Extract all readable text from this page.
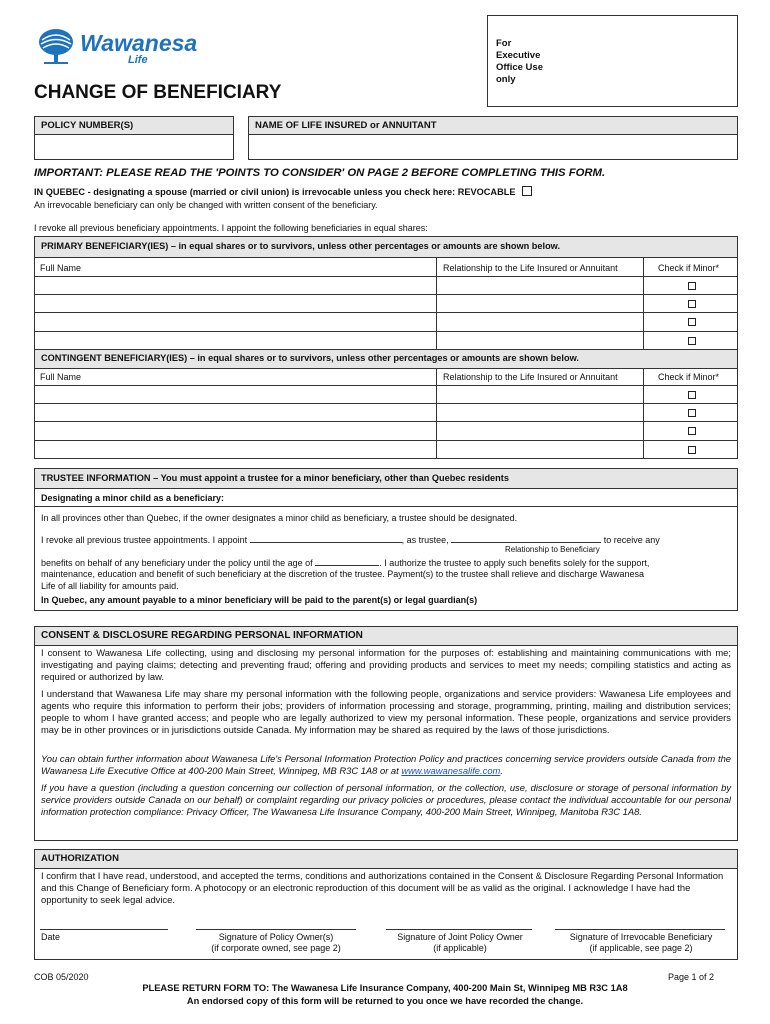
Wawanesa
Life
For
Executive
Office Use
only
CHANGE OF BENEFICIARY
POLICY NUMBER(S)	NAME OF LIFE INSURED or ANNUITANT
IMPORTANT: PLEASE READ THE 'POINTS TO CONSIDER' ON PAGE 2 BEFORE COMPLETING THIS FORM.
IN QUEBEC - designating a spouse (married or civil union) is irrevocable unless you check here: REVOCABLE
An irrevocable beneficiary can only be changed with written consent of the beneficiary.
I revoke all previous beneficiary appointments. I appoint the following beneficiaries in equal shares:
PRIMARY BENEFICIARY(IES) – in equal shares or to survivors, unless other percentages or amounts are shown below.
Full Name	Relationship to the Life Insured or Annuitant	Check if Minor*
CONTINGENT BENEFICIARY(IES) – in equal shares or to survivors, unless other percentages or amounts are shown below.
Full Name	Relationship to the Life Insured or Annuitant	Check if Minor*
TRUSTEE INFORMATION – You must appoint a trustee for a minor beneficiary, other than Quebec residents
Designating a minor child as a beneficiary:
In all provinces other than Quebec, if the owner designates a minor child as beneficiary, a trustee should be designated.
I revoke all previous trustee appointments. I appoint	, as trustee,	to receive any
Relationship to Beneficiary
benefits on behalf of any beneficiary under the policy until the age of	. I authorize the trustee to apply such benefits solely for the support,
maintenance, education and benefit of such beneficiary at the discretion of the trustee. Payment(s) to the trustee shall relieve and discharge Wawanesa
Life of all liability for amounts paid.
In Quebec, any amount payable to a minor beneficiary will be paid to the parent(s) or legal guardian(s)
CONSENT & DISCLOSURE REGARDING PERSONAL INFORMATION
I consent to Wawanesa Life collecting, using and disclosing my personal information for the purposes of: establishing and maintaining communications with me; investigating and paying claims; detecting and preventing fraud; offering and providing products and services to meet my needs; compiling statistics and acting as required or authorized by law.
I understand that Wawanesa Life may share my personal information with the following people, organizations and service providers: Wawanesa Life employees and agents who require this information to perform their jobs; providers of information processing and storage, programming, printing, mailing and distribution services; people to whom I have granted access; and people who are legally authorized to view my personal information. These people, organizations and service providers may be in other provinces or in jurisdictions outside Canada. My information may be shared as required by the laws of those jurisdictions.
You can obtain further information about Wawanesa Life's Personal Information Protection Policy and practices concerning service providers outside Canada from the Wawanesa Life Executive Office at 400-200 Main Street, Winnipeg, MB R3C 1A8 or at www.wawanesalife.com.
If you have a question (including a question concerning our collection of personal information, or the collection, use, disclosure or storage of personal information by service providers outside Canada on our behalf) or complaint regarding our privacy policies or procedures, please contact the individual accountable for our personal information protection compliance: Privacy Officer, The Wawanesa Life Insurance Company, 400-200 Main Street, Winnipeg, Manitoba R3C 1A8.
AUTHORIZATION
I confirm that I have read, understood, and accepted the terms, conditions and authorizations contained in the Consent & Disclosure Regarding Personal Information and this Change of Beneficiary form. A photocopy or an electronic reproduction of this document will be as valid as the original. I acknowledge I have had the opportunity to seek legal advice.
Date	Signature of Policy Owner(s)
(if corporate owned, see page 2)
Signature of Joint Policy Owner
(if applicable)
Signature of Irrevocable Beneficiary
(if applicable, see page 2)
COB 05/2020	Page 1 of 2
PLEASE RETURN FORM TO: The Wawanesa Life Insurance Company, 400-200 Main St, Winnipeg MB R3C 1A8
An endorsed copy of this form will be returned to you once we have recorded the change.
